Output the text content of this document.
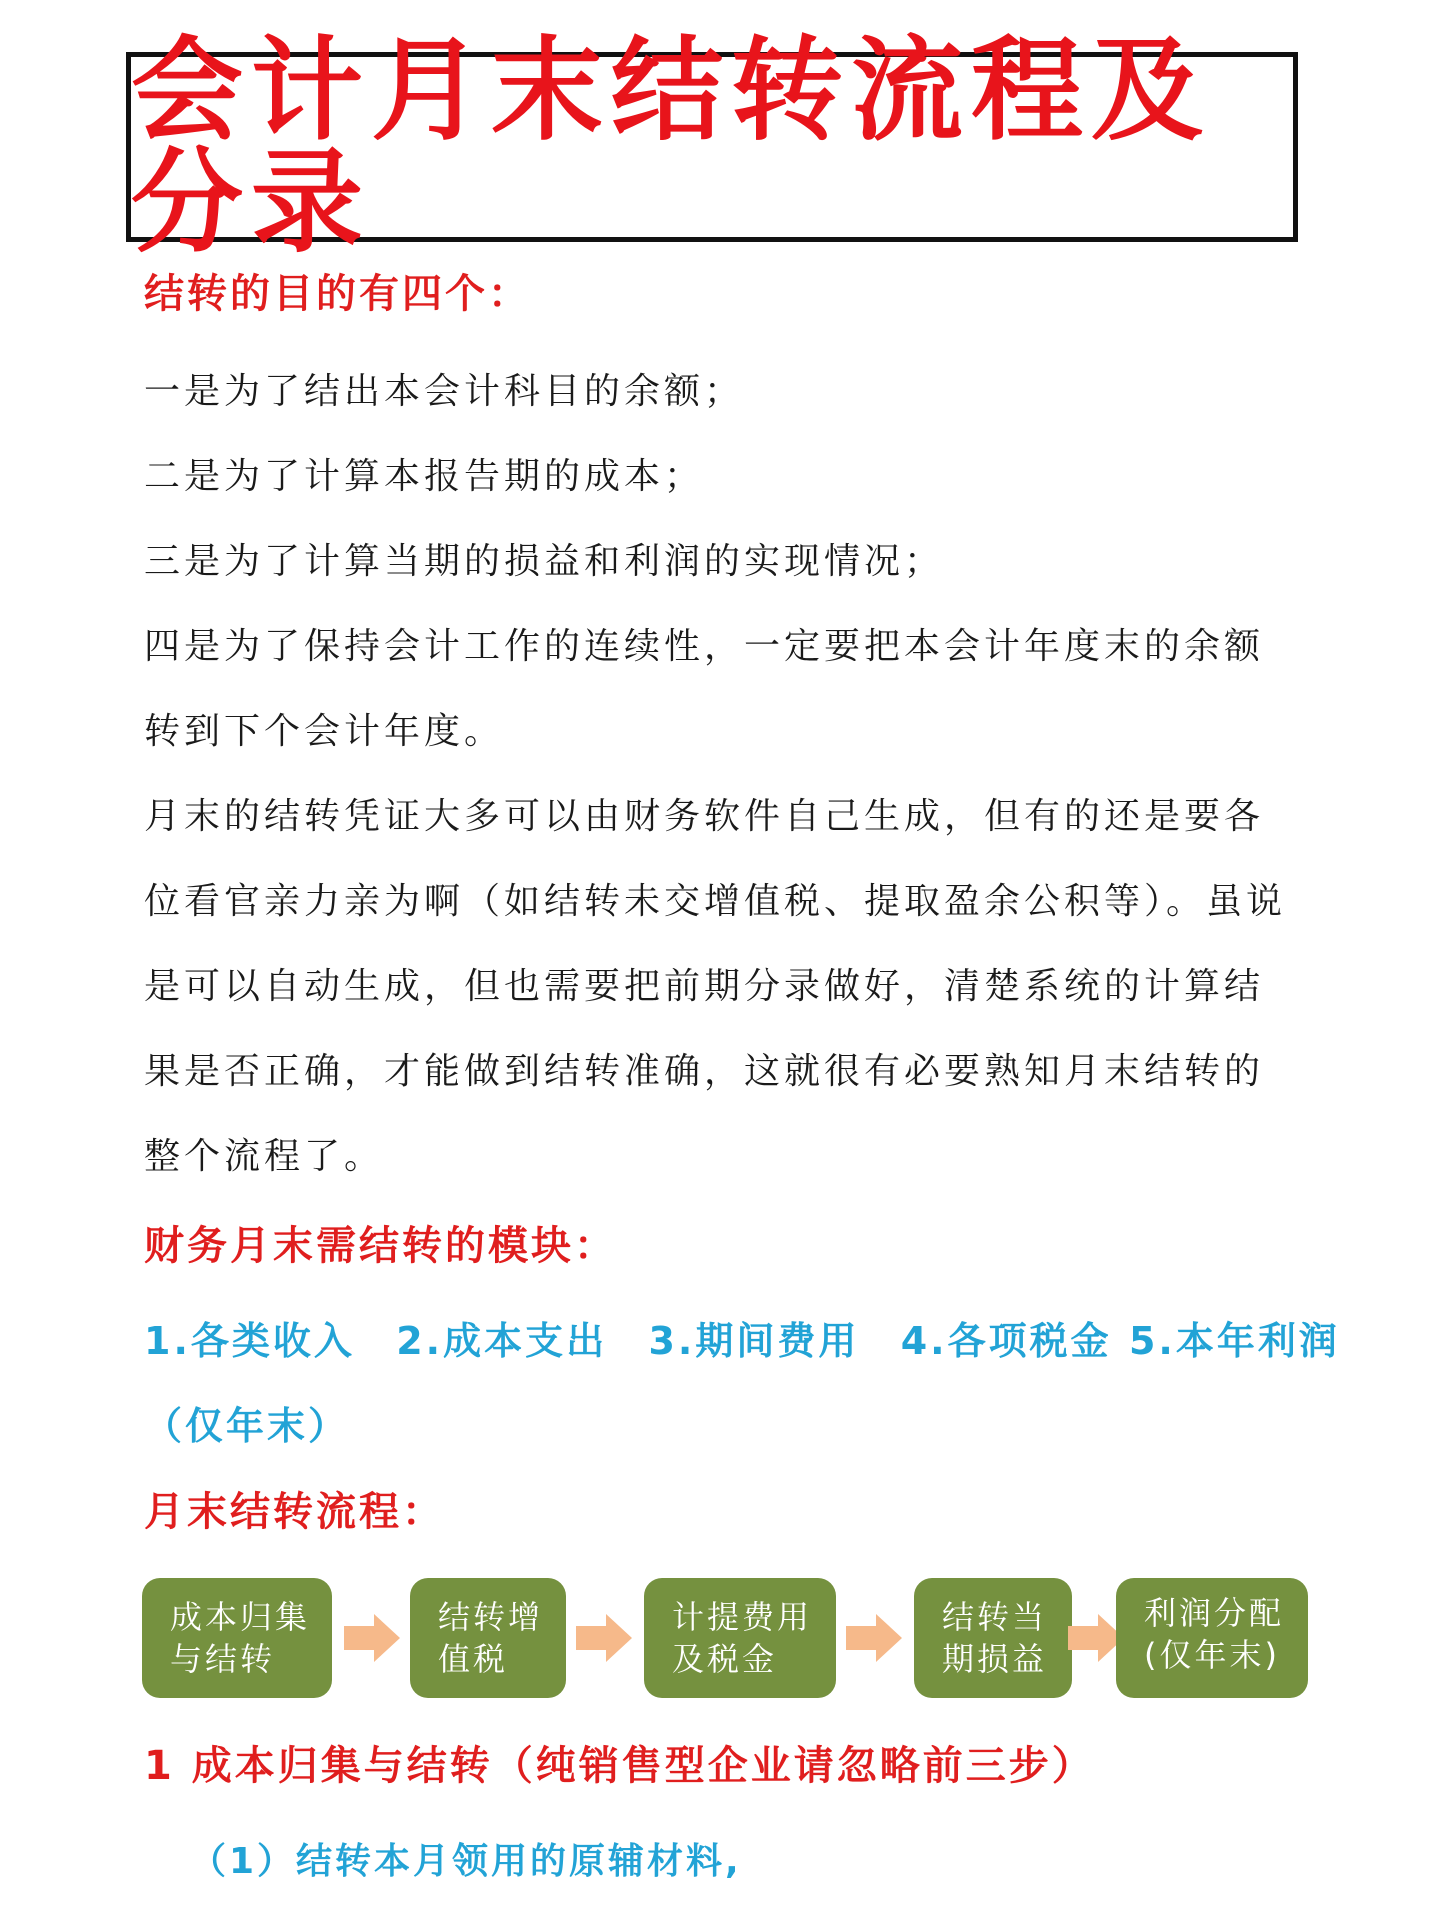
会计月末结转流程及分录
结转的目的有四个：
一是为了结出本会计科目的余额；
二是为了计算本报告期的成本；
三是为了计算当期的损益和利润的实现情况；
四是为了保持会计工作的连续性，一定要把本会计年度末的余额
转到下个会计年度。
月末的结转凭证大多可以由财务软件自己生成，但有的还是要各
位看官亲力亲为啊（如结转未交增值税、提取盈余公积等）。虽说
是可以自动生成，但也需要把前期分录做好，清楚系统的计算结
果是否正确，才能做到结转准确，这就很有必要熟知月末结转的
整个流程了。
财务月末需结转的模块：
1.各类收入 2.成本支出 3.期间费用 4.各项税金 5.本年利润
（仅年末）
月末结转流程：
成本归集
与结转
结转增
值税
计提费用
及税金
结转当
期损益
利润分配
(仅年末)
1 成本归集与结转（纯销售型企业请忽略前三步）
（1）结转本月领用的原辅材料,
